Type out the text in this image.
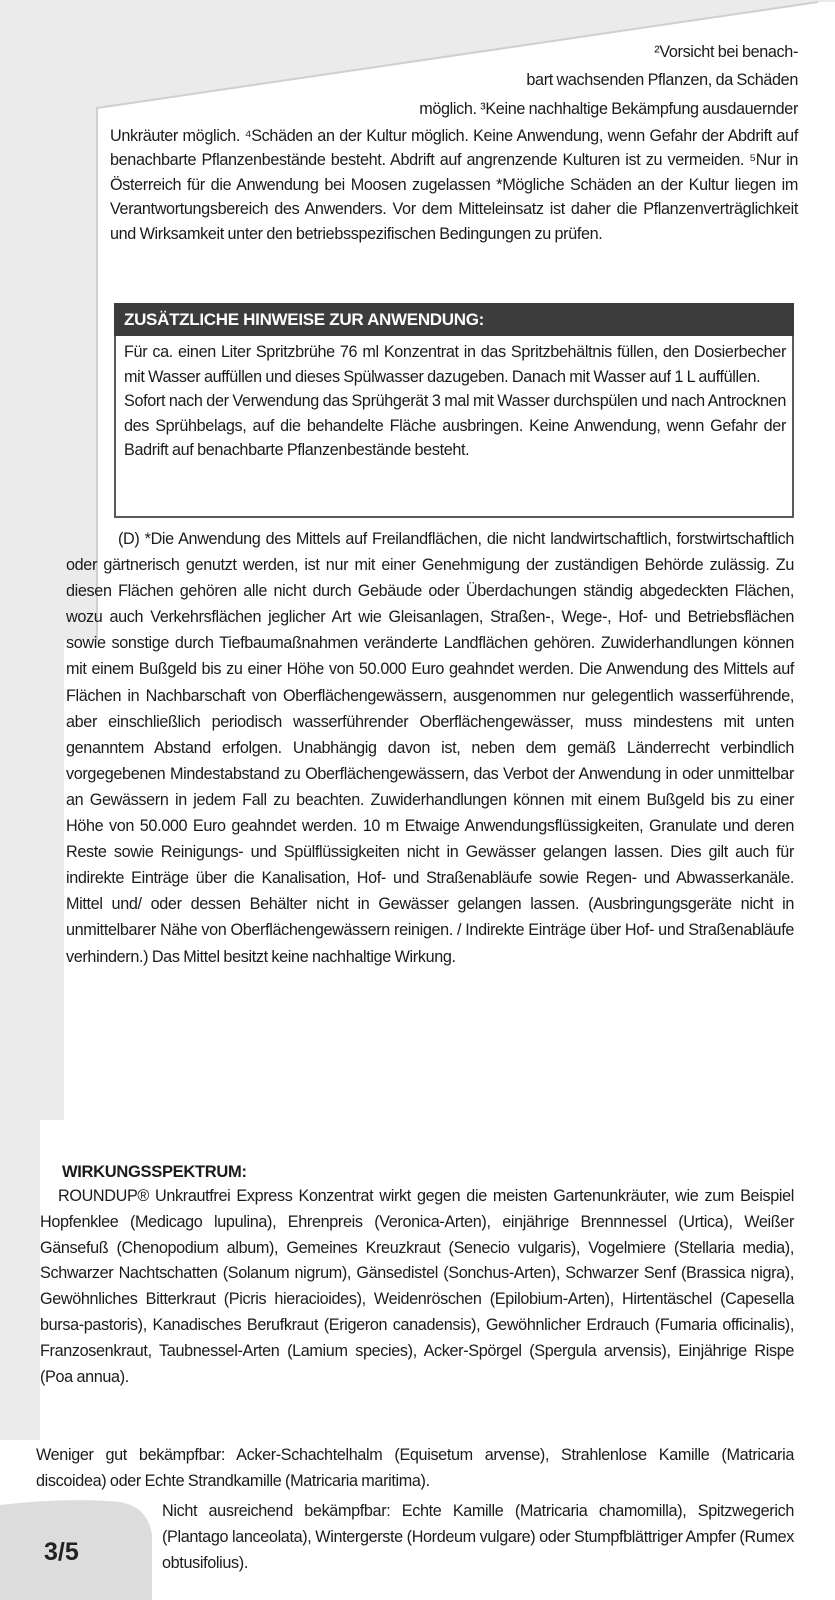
²Vorsicht bei benach-
bart wachsenden Pflanzen, da Schäden
möglich. ³Keine nachhaltige Bekämpfung ausdauernder
Unkräuter möglich. ⁴Schäden an der Kultur möglich. Keine Anwendung, wenn Gefahr der Abdrift auf benachbarte Pflanzenbestände besteht. Abdrift auf angrenzende Kulturen ist zu vermeiden. ⁵Nur in Österreich für die Anwendung bei Moosen zugelassen *Mögliche Schäden an der Kultur liegen im Verantwortungsbereich des Anwenders. Vor dem Mitteleinsatz ist daher die Pflanzenverträglichkeit und Wirksamkeit unter den betriebsspezifischen Bedingungen zu prüfen.
ZUSÄTZLICHE HINWEISE ZUR ANWENDUNG:
Für ca. einen Liter Spritzbrühe 76 ml Konzentrat in das Spritzbehältnis füllen, den Dosierbecher mit Wasser auffüllen und dieses Spülwasser dazugeben. Danach mit Wasser auf 1 L auffüllen.
Sofort nach der Verwendung das Sprühgerät 3 mal mit Wasser durchspülen und nach Antrocknen des Sprühbelags, auf die behandelte Fläche ausbringen. Keine Anwendung, wenn Gefahr der Badrift auf benachbarte Pflanzenbestände besteht.
(D) *Die Anwendung des Mittels auf Freilandflächen, die nicht landwirtschaftlich, forstwirtschaftlich oder gärtnerisch genutzt werden, ist nur mit einer Genehmigung der zuständigen Behörde zulässig. Zu diesen Flächen gehören alle nicht durch Gebäude oder Überdachungen ständig abgedeckten Flächen, wozu auch Verkehrsflächen jeglicher Art wie Gleisanlagen, Straßen-, Wege-, Hof- und Betriebsflächen sowie sonstige durch Tiefbaumaßnahmen veränderte Landflächen gehören. Zuwiderhandlungen können mit einem Bußgeld bis zu einer Höhe von 50.000 Euro geahndet werden. Die Anwendung des Mittels auf Flächen in Nachbarschaft von Oberflächengewässern, ausgenommen nur gelegentlich wasserführende, aber einschließlich periodisch wasserführender Oberflächengewässer, muss mindestens mit unten genanntem Abstand erfolgen. Unabhängig davon ist, neben dem gemäß Länderrecht verbindlich vorgegebenen Mindestabstand zu Oberflächengewässern, das Verbot der Anwendung in oder unmittelbar an Gewässern in jedem Fall zu beachten. Zuwiderhandlungen können mit einem Bußgeld bis zu einer Höhe von 50.000 Euro geahndet werden. 10 m Etwaige Anwendungsflüssigkeiten, Granulate und deren Reste sowie Reinigungs- und Spülflüssigkeiten nicht in Gewässer gelangen lassen. Dies gilt auch für indirekte Einträge über die Kanalisation, Hof- und Straßenabläufe sowie Regen- und Abwasserkanäle. Mittel und/ oder dessen Behälter nicht in Gewässer gelangen lassen. (Ausbringungsgeräte nicht in unmittelbarer Nähe von Oberflächengewässern reinigen. / Indirekte Einträge über Hof- und Straßenabläufe verhindern.) Das Mittel besitzt keine nachhaltige Wirkung.
WIRKUNGSSPEKTRUM:
ROUNDUP® Unkrautfrei Express Konzentrat wirkt gegen die meisten Gartenunkräuter, wie zum Beispiel Hopfenklee (Medicago lupulina), Ehrenpreis (Veronica-Arten), einjährige Brennnessel (Urtica), Weißer Gänsefuß (Chenopodium album), Gemeines Kreuzkraut (Senecio vulgaris), Vogelmiere (Stellaria media), Schwarzer Nachtschatten (Solanum nigrum), Gänsedistel (Sonchus-Arten), Schwarzer Senf (Brassica nigra), Gewöhnliches Bitterkraut (Picris hieracioides), Weidenröschen (Epilobium-Arten), Hirtentäschel (Capesella bursa-pastoris), Kanadisches Berufkraut (Erigeron canadensis), Gewöhnlicher Erdrauch (Fumaria officinalis), Franzosenkraut, Taubnessel-Arten (Lamium species), Acker-Spörgel (Spergula arvensis), Einjährige Rispe (Poa annua).
Weniger gut bekämpfbar: Acker-Schachtelhalm (Equisetum arvense), Strahlenlose Kamille (Matricaria discoidea) oder Echte Strandkamille (Matricaria maritima).
Nicht ausreichend bekämpfbar: Echte Kamille (Matricaria chamomilla), Spitzwegerich (Plantago lanceolata), Wintergerste (Hordeum vulgare) oder Stumpfblättriger Ampfer (Rumex obtusifolius).
3/5
